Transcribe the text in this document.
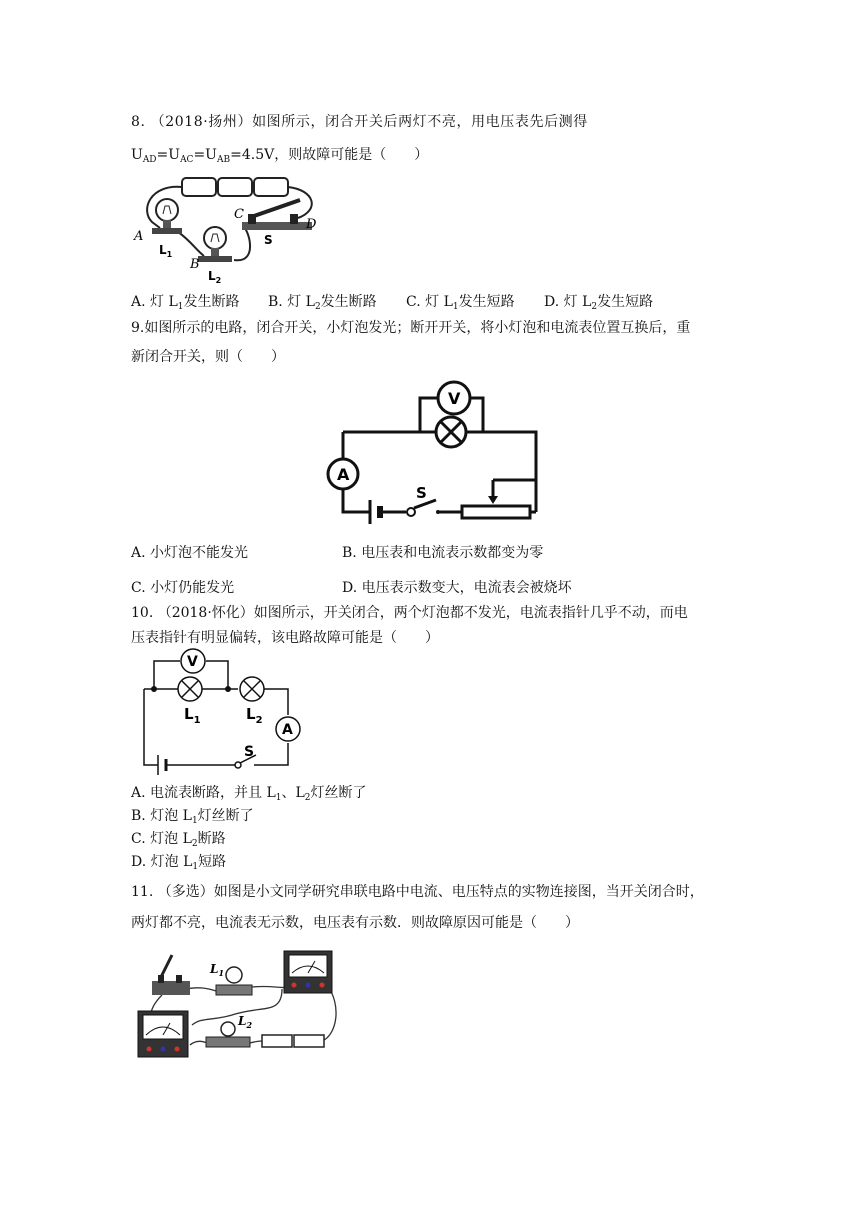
8. （2018·扬州）如图所示，闭合开关后两灯不亮，用电压表先后测得
$U_{AD}=U_{AC}=U_{AB}=4.5V$，则故障可能是（　　）
A
B
C
D
S
$L_1$
$L_2$
A. 灯 $L_1$发生断路 B. 灯 $L_2$发生断路 C. 灯 $L_1$发生短路 D. 灯 $L_2$发生短路
9.如图所示的电路，闭合开关，小灯泡发光；断开开关，将小灯泡和电流表位置互换后，重
新闭合开关，则（　　）
V
A
S
A. 小灯泡不能发光	B. 电压表和电流表示数都变为零
C. 小灯仍能发光	D. 电压表示数变大，电流表会被烧坏
10. （2018·怀化）如图所示，开关闭合，两个灯泡都不发光，电流表指针几乎不动，而电
压表指针有明显偏转，该电路故障可能是（　　）
V
A
S
$L_1$	$L_2$
A. 电流表断路，并且 $L_1$、$L_2$灯丝断了
B. 灯泡 $L_1$灯丝断了
C. 灯泡 $L_2$断路
D. 灯泡 $L_1$短路
11. （多选）如图是小文同学研究串联电路中电流、电压特点的实物连接图，当开关闭合时，
两灯都不亮，电流表无示数，电压表有示数．则故障原因可能是（　　）
$L_1$
$L_2$
